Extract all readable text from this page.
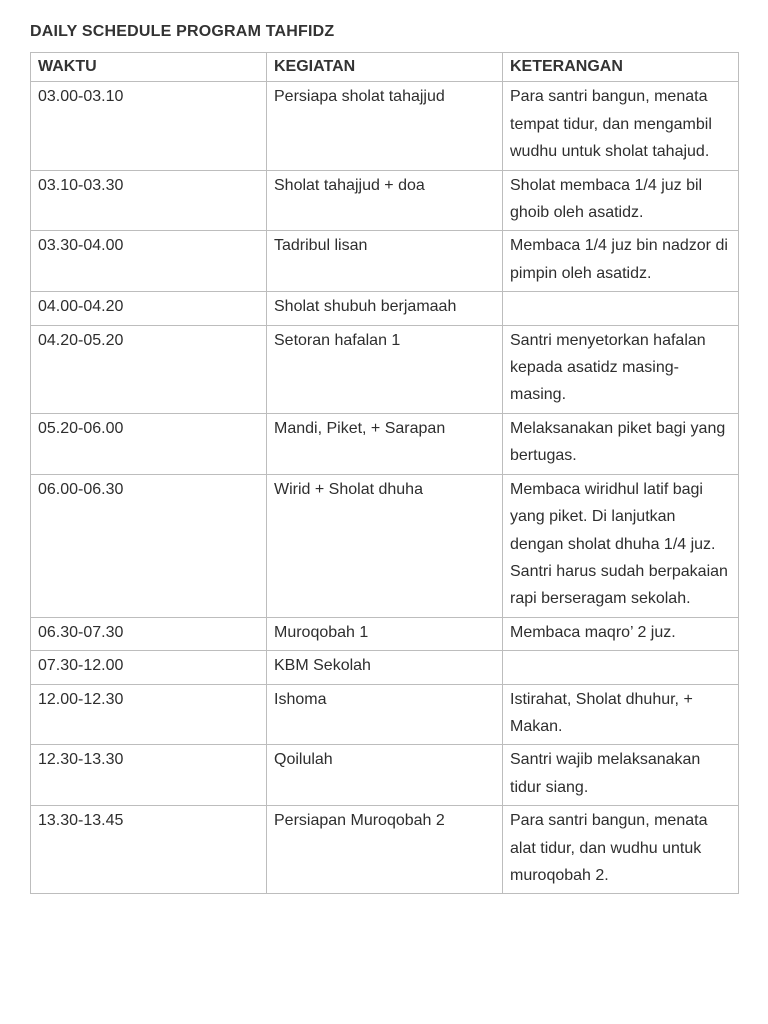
DAILY SCHEDULE PROGRAM TAHFIDZ
WAKTU	KEGIATAN	KETERANGAN
03.00-03.10	Persiapa sholat tahajjud	Para santri bangun, menata tempat tidur, dan mengambil wudhu untuk sholat tahajud.
03.10-03.30	Sholat tahajjud + doa	Sholat membaca 1/4 juz bil ghoib oleh asatidz.
03.30-04.00	Tadribul lisan	Membaca 1/4 juz bin nadzor di pimpin oleh asatidz.
04.00-04.20	Sholat shubuh berjamaah	
04.20-05.20	Setoran hafalan 1	Santri menyetorkan hafalan kepada asatidz masing-masing.
05.20-06.00	Mandi, Piket, + Sarapan	Melaksanakan piket bagi yang bertugas.
06.00-06.30	Wirid + Sholat dhuha	Membaca wiridhul latif bagi yang piket. Di lanjutkan dengan sholat dhuha 1/4 juz. Santri harus sudah berpakaian rapi berseragam sekolah.
06.30-07.30	Muroqobah 1	Membaca maqro’ 2 juz.
07.30-12.00	KBM Sekolah	
12.00-12.30	Ishoma	Istirahat, Sholat dhuhur, + Makan.
12.30-13.30	Qoilulah	Santri wajib melaksanakan tidur siang.
13.30-13.45	Persiapan Muroqobah 2	Para santri bangun, menata alat tidur, dan wudhu untuk muroqobah 2.
